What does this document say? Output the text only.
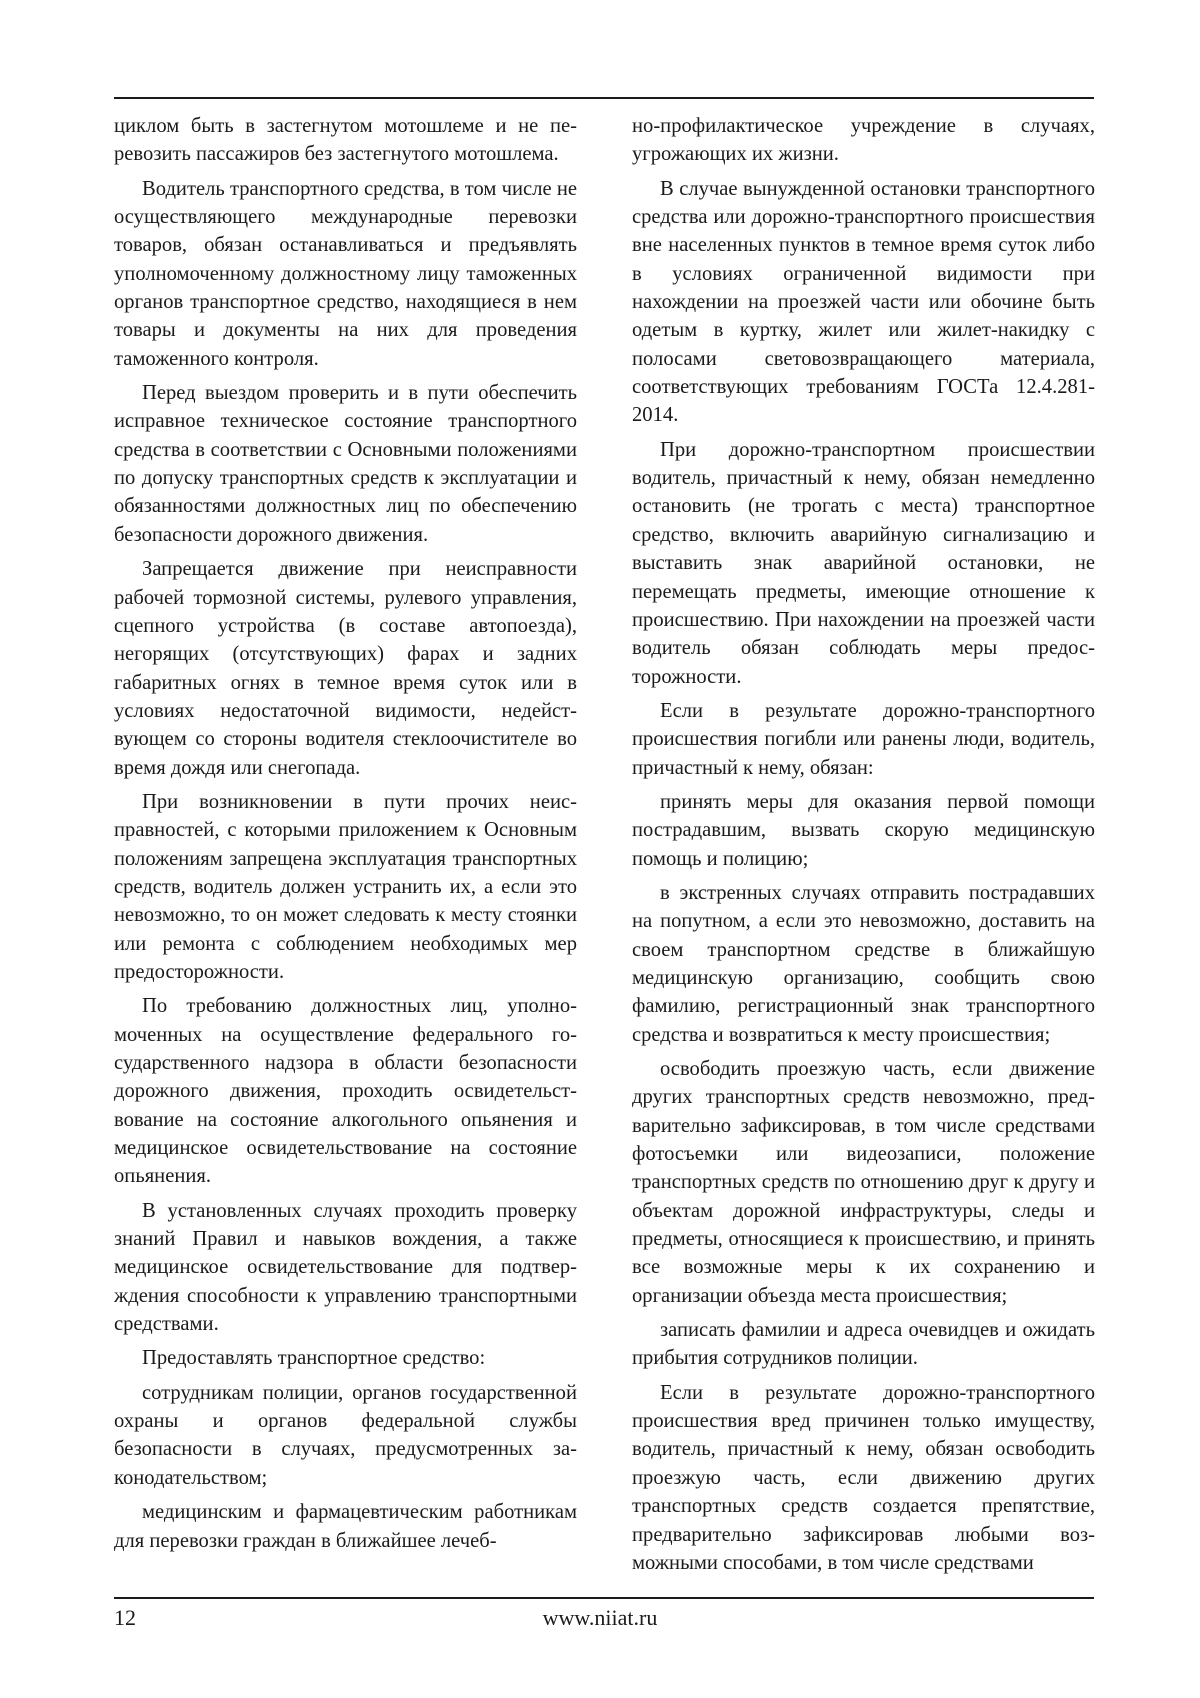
циклом быть в застегнутом мотошлеме и не пе­ревозить пассажиров без застегнутого мото­шлема.

Водитель транспортного средства, в том числе не осуществляющего международные перевозки товаров, обязан останавливаться и предъявлять уполномоченному должностному лицу таможенных органов транспортное сред­ство, находящиеся в нем товары и документы на них для проведения таможенного контроля.

Перед выездом проверить и в пути обеспе­чить исправное техническое состояние транс­портного средства в соответствии с Основными положениями по допуску транспортных средств к эксплуатации и обязанностями должностных лиц по обеспечению безопасности дорожного движения.

Запрещается движение при неисправности рабочей тормозной системы, рулевого управле­ния, сцепного устройства (в составе автопоез­да), негорящих (отсутствующих) фарах и зад­них габаритных огнях в темное время суток или в условиях недостаточной видимости, недейст­вующем со стороны водителя стеклоочистителе во время дождя или снегопада.

При возникновении в пути прочих неис­правностей, с которыми приложением к Ос­новным положениям запрещена эксплуатация транспортных средств, водитель должен уст­ранить их, а если это невозможно, то он мо­жет следовать к месту стоянки или ремонта с соблюдением необходимых мер предосторож­ности.

По требованию должностных лиц, уполно­моченных на осуществление федерального го­сударственного надзора в области безопасности дорожного движения, проходить освидетельст­вование на состояние алкогольного опьянения и медицинское освидетельствование на состояние опьянения.

В установленных случаях проходить провер­ку знаний Правил и навыков вождения, а также медицинское освидетельствование для подтвер­ждения способности к управлению транспорт­ными средствами.

Предоставлять транспортное средство:

сотрудникам полиции, органов государст­венной охраны и органов федеральной службы безопасности в случаях, предусмотренных за­конодательством;

медицинским и фармацевтическим работни­кам для перевозки граждан в ближайшее лечеб-

но-профилактическое учреждение в случаях, угрожающих их жизни.

В случае вынужденной остановки транс­портного средства или дорожно-транспортного происшествия вне населенных пунктов в тем­ное время суток либо в условиях ограниченной видимости при нахождении на проезжей части или обочине быть одетым в куртку, жилет или жилет-накидку с полосами световозвращающе­го материала, соответствующих требованиям ГОСТа 12.4.281-2014.

При дорожно-транспортном происшествии водитель, причастный к нему, обязан немедлен­но остановить (не трогать с места) транспорт­ное средство, включить аварийную сигнализа­цию и выставить знак аварийной остановки, не перемещать предметы, имеющие отношение к происшествию. При нахождении на проезжей части водитель обязан соблюдать меры предос­торожности.

Если в результате дорожно-транспортного происшествия погибли или ранены люди, води­тель, причастный к нему, обязан:

принять меры для оказания первой помощи пострадавшим, вызвать скорую медицинскую помощь и полицию;

в экстренных случаях отправить пострадав­ших на попутном, а если это невозможно, дос­тавить на своем транспортном средстве в бли­жайшую медицинскую организацию, сообщить свою фамилию, регистрационный знак транс­портного средства и возвратиться к месту про­исшествия;

освободить проезжую часть, если движение других транспортных средств невозможно, пред­варительно зафиксировав, в том числе средст­вами фотосъемки или видеозаписи, положение транспортных средств по отношению друг к другу и объектам дорожной инфраструктуры, следы и предметы, относящиеся к происшест­вию, и принять все возможные меры к их со­хранению и организации объезда места проис­шествия;

записать фамилии и адреса очевидцев и ожидать прибытия сотрудников полиции.

Если в результате дорожно-транспортного происшествия вред причинен только имущест­ву, водитель, причастный к нему, обязан осво­бодить проезжую часть, если движению других транспортных средств создается препятствие, предварительно зафиксировав любыми воз­можными способами, в том числе средствами

12	www.niiat.ru
